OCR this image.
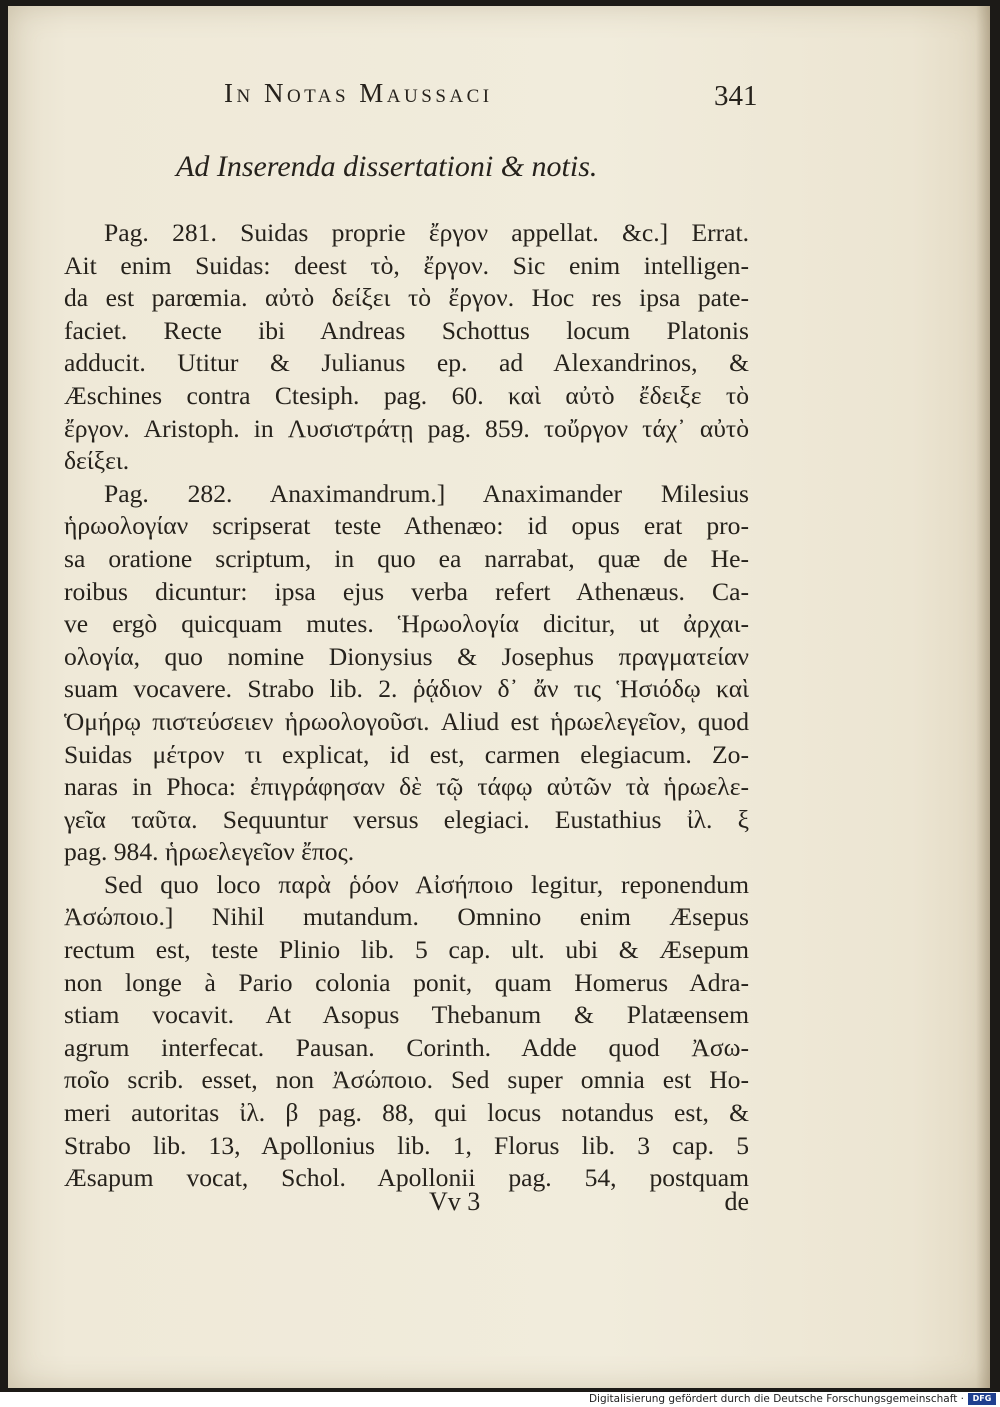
In Notas Maussaci	341
Ad Inserenda dissertationi & notis.
Pag. 281. Suidas proprie ἔργον appellat. &c.] Errat.
Ait enim Suidas: deest τὸ, ἔργον. Sic enim intelligen-
da est parœmia. αὐτὸ δείξει τὸ ἔργον. Hoc res ipsa pate-
faciet. Recte ibi Andreas Schottus locum Platonis
adducit. Utitur & Julianus ep. ad Alexandrinos, &
Æschines contra Ctesiph. pag. 60. καὶ αὐτὸ ἔδειξε τὸ
ἔργον. Aristoph. in Λυσιστράτῃ pag. 859. τοὔργον τάχ᾽ αὐτὸ
δείξει.
Pag. 282. Anaximandrum.] Anaximander Milesius
ἡρωολογίαν scripserat teste Athenæo: id opus erat pro-
sa oratione scriptum, in quo ea narrabat, quæ de He-
roibus dicuntur: ipsa ejus verba refert Athenæus. Ca-
ve ergò quicquam mutes. Ἡρωολογία dicitur, ut ἀρχαι-
ολογία, quo nomine Dionysius & Josephus πραγματείαν
suam vocavere. Strabo lib. 2. ῥᾴδιον δ᾽ ἄν τις Ἡσιόδῳ καὶ
Ὁμήρῳ πιστεύσειεν ἡρωολογοῦσι. Aliud est ἡρωελεγεῖον, quod
Suidas μέτρον τι explicat, id est, carmen elegiacum. Zo-
naras in Phoca: ἐπιγράφησαν δὲ τῷ τάφῳ αὐτῶν τὰ ἡρωελε-
γεῖα ταῦτα. Sequuntur versus elegiaci. Eustathius ἰλ. ξ
pag. 984. ἡρωελεγεῖον ἔπος.
Sed quo loco παρὰ ῥόον Αἰσήποιο legitur, reponendum
Ἀσώποιο.] Nihil mutandum. Omnino enim Æsepus
rectum est, teste Plinio lib. 5 cap. ult. ubi & Æsepum
non longe à Pario colonia ponit, quam Homerus Adra-
stiam vocavit. At Asopus Thebanum & Platæensem
agrum interfecat. Pausan. Corinth. Adde quod Ἀσω-
ποῖο scrib. esset, non Ἀσώποιο. Sed super omnia est Ho-
meri autoritas ἰλ. β pag. 88, qui locus notandus est, &
Strabo lib. 13, Apollonius lib. 1, Florus lib. 3 cap. 5
Æsapum vocat, Schol. Apollonii pag. 54, postquam
Vv 3	de
Digitalisierung gefördert durch die Deutsche Forschungsgemeinschaft ·	DFG
